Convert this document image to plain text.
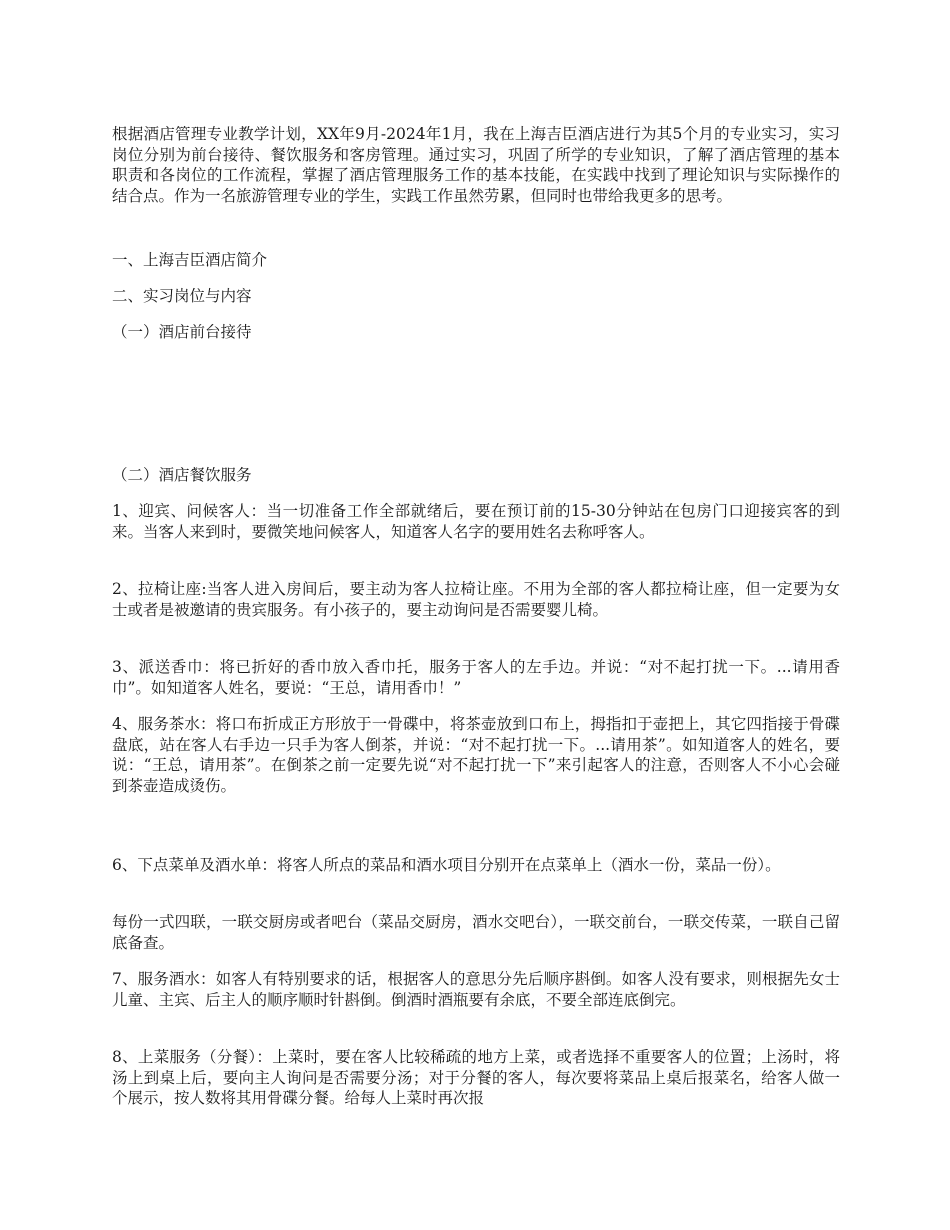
根据酒店管理专业教学计划，XX年9月-2024年1月，我在上海吉臣酒店进行为其5个月的专业实习，实习岗位分别为前台接待、餐饮服务和客房管理。通过实习，巩固了所学的专业知识，了解了酒店管理的基本职责和各岗位的工作流程，掌握了酒店管理服务工作的基本技能，在实践中找到了理论知识与实际操作的结合点。作为一名旅游管理专业的学生，实践工作虽然劳累，但同时也带给我更多的思考。

一、上海吉臣酒店简介

二、实习岗位与内容

（一）酒店前台接待

（二）酒店餐饮服务

1、迎宾、问候客人：当一切准备工作全部就绪后，要在预订前的15-30分钟站在包房门口迎接宾客的到来。当客人来到时，要微笑地问候客人，知道客人名字的要用姓名去称呼客人。

2、拉椅让座:当客人进入房间后，要主动为客人拉椅让座。不用为全部的客人都拉椅让座，但一定要为女士或者是被邀请的贵宾服务。有小孩子的，要主动询问是否需要婴儿椅。

3、派送香巾：将已折好的香巾放入香巾托，服务于客人的左手边。并说：“对不起打扰一下。...请用香巾”。如知道客人姓名，要说：“王总，请用香巾！”

4、服务茶水：将口布折成正方形放于一骨碟中，将茶壶放到口布上，拇指扣于壶把上，其它四指接于骨碟盘底，站在客人右手边一只手为客人倒茶，并说：“对不起打扰一下。...请用茶”。如知道客人的姓名，要说：“王总，请用茶”。在倒茶之前一定要先说“对不起打扰一下”来引起客人的注意，否则客人不小心会碰到茶壶造成烫伤。

6、下点菜单及酒水单：将客人所点的菜品和酒水项目分别开在点菜单上（酒水一份，菜品一份）。

每份一式四联，一联交厨房或者吧台（菜品交厨房，酒水交吧台），一联交前台，一联交传菜，一联自己留底备查。

7、服务酒水：如客人有特别要求的话，根据客人的意思分先后顺序斟倒。如客人没有要求，则根据先女士儿童、主宾、后主人的顺序顺时针斟倒。倒酒时酒瓶要有余底，不要全部连底倒完。

8、上菜服务（分餐）：上菜时，要在客人比较稀疏的地方上菜，或者选择不重要客人的位置；上汤时，将汤上到桌上后，要向主人询问是否需要分汤；对于分餐的客人，每次要将菜品上桌后报菜名，给客人做一个展示，按人数将其用骨碟分餐。给每人上菜时再次报
